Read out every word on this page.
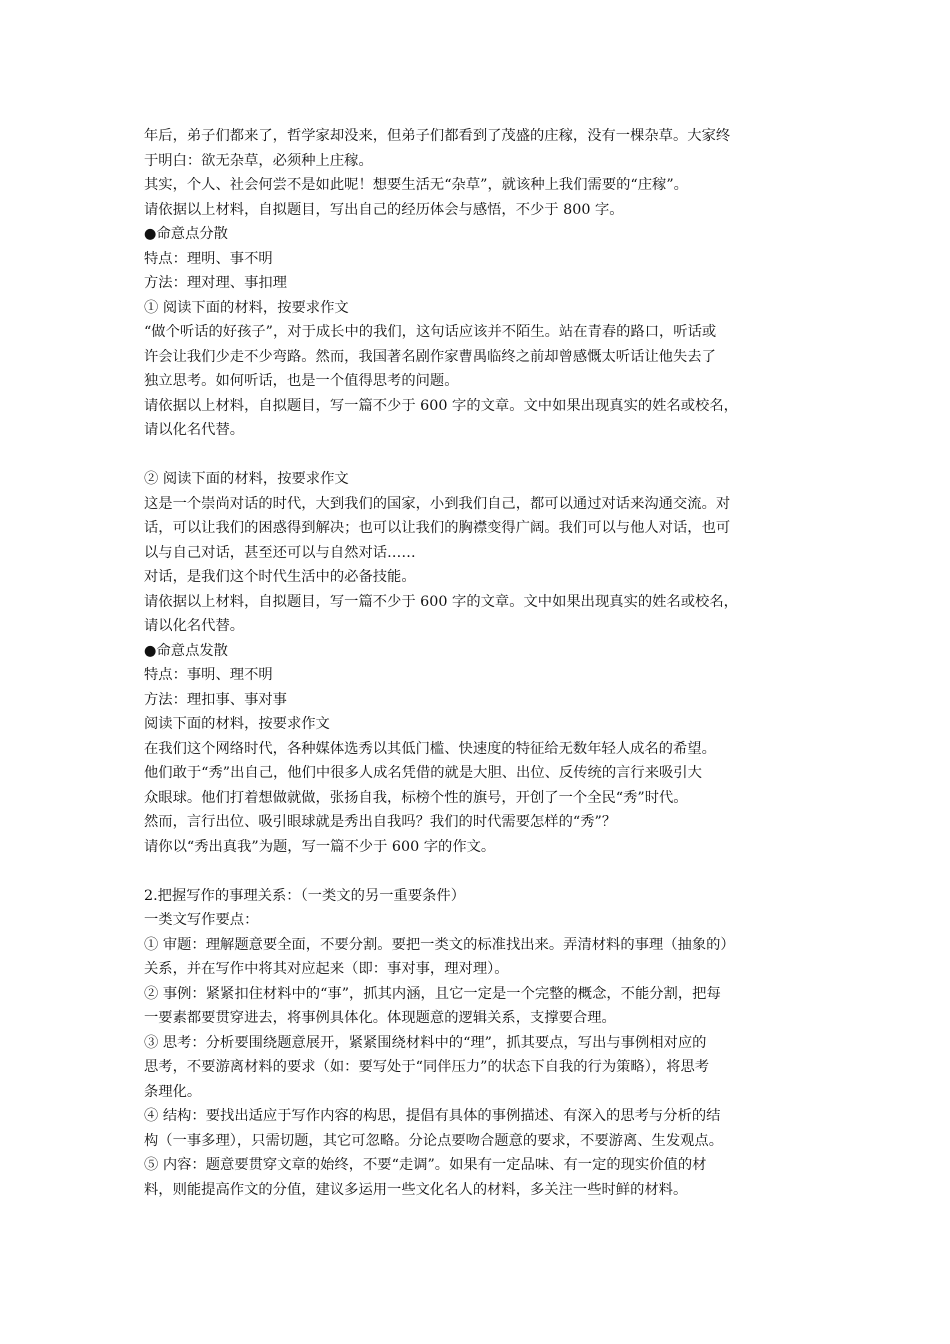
年后，弟子们都来了，哲学家却没来，但弟子们都看到了茂盛的庄稼，没有一棵杂草。大家终
于明白：欲无杂草，必须种上庄稼。
其实，个人、社会何尝不是如此呢！想要生活无“杂草”，就该种上我们需要的“庄稼”。
请依据以上材料，自拟题目，写出自己的经历体会与感悟，不少于 800 字。
●命意点分散
特点：理明、事不明
方法：理对理、事扣理
① 阅读下面的材料，按要求作文
“做个听话的好孩子”，对于成长中的我们，这句话应该并不陌生。站在青春的路口，听话或
许会让我们少走不少弯路。然而，我国著名剧作家曹禺临终之前却曾感慨太听话让他失去了
独立思考。如何听话，也是一个值得思考的问题。
请依据以上材料，自拟题目，写一篇不少于 600 字的文章。文中如果出现真实的姓名或校名，
请以化名代替。
② 阅读下面的材料，按要求作文
这是一个崇尚对话的时代，大到我们的国家，小到我们自己，都可以通过对话来沟通交流。对
话，可以让我们的困惑得到解决；也可以让我们的胸襟变得广阔。我们可以与他人对话，也可
以与自己对话，甚至还可以与自然对话……
对话，是我们这个时代生活中的必备技能。
请依据以上材料，自拟题目，写一篇不少于 600 字的文章。文中如果出现真实的姓名或校名，
请以化名代替。
●命意点发散
特点：事明、理不明
方法：理扣事、事对事
阅读下面的材料，按要求作文
在我们这个网络时代，各种媒体选秀以其低门槛、快速度的特征给无数年轻人成名的希望。
他们敢于“秀”出自己，他们中很多人成名凭借的就是大胆、出位、反传统的言行来吸引大
众眼球。他们打着想做就做，张扬自我，标榜个性的旗号，开创了一个全民“秀”时代。
然而，言行出位、吸引眼球就是秀出自我吗？我们的时代需要怎样的“秀”？
请你以“秀出真我”为题，写一篇不少于 600 字的作文。
2.把握写作的事理关系：（一类文的另一重要条件）
一类文写作要点：
① 审题：理解题意要全面，不要分割。要把一类文的标准找出来。弄清材料的事理（抽象的）
关系，并在写作中将其对应起来（即：事对事，理对理）。
② 事例：紧紧扣住材料中的“事”，抓其内涵，且它一定是一个完整的概念，不能分割，把每
一要素都要贯穿进去，将事例具体化。体现题意的逻辑关系，支撑要合理。
③ 思考：分析要围绕题意展开，紧紧围绕材料中的“理”，抓其要点，写出与事例相对应的
思考，不要游离材料的要求（如：要写处于“同伴压力”的状态下自我的行为策略），将思考
条理化。
④ 结构：要找出适应于写作内容的构思，提倡有具体的事例描述、有深入的思考与分析的结
构（一事多理），只需切题，其它可忽略。分论点要吻合题意的要求，不要游离、生发观点。
⑤ 内容：题意要贯穿文章的始终，不要“走调”。如果有一定品味、有一定的现实价值的材
料，则能提高作文的分值，建议多运用一些文化名人的材料，多关注一些时鲜的材料。
